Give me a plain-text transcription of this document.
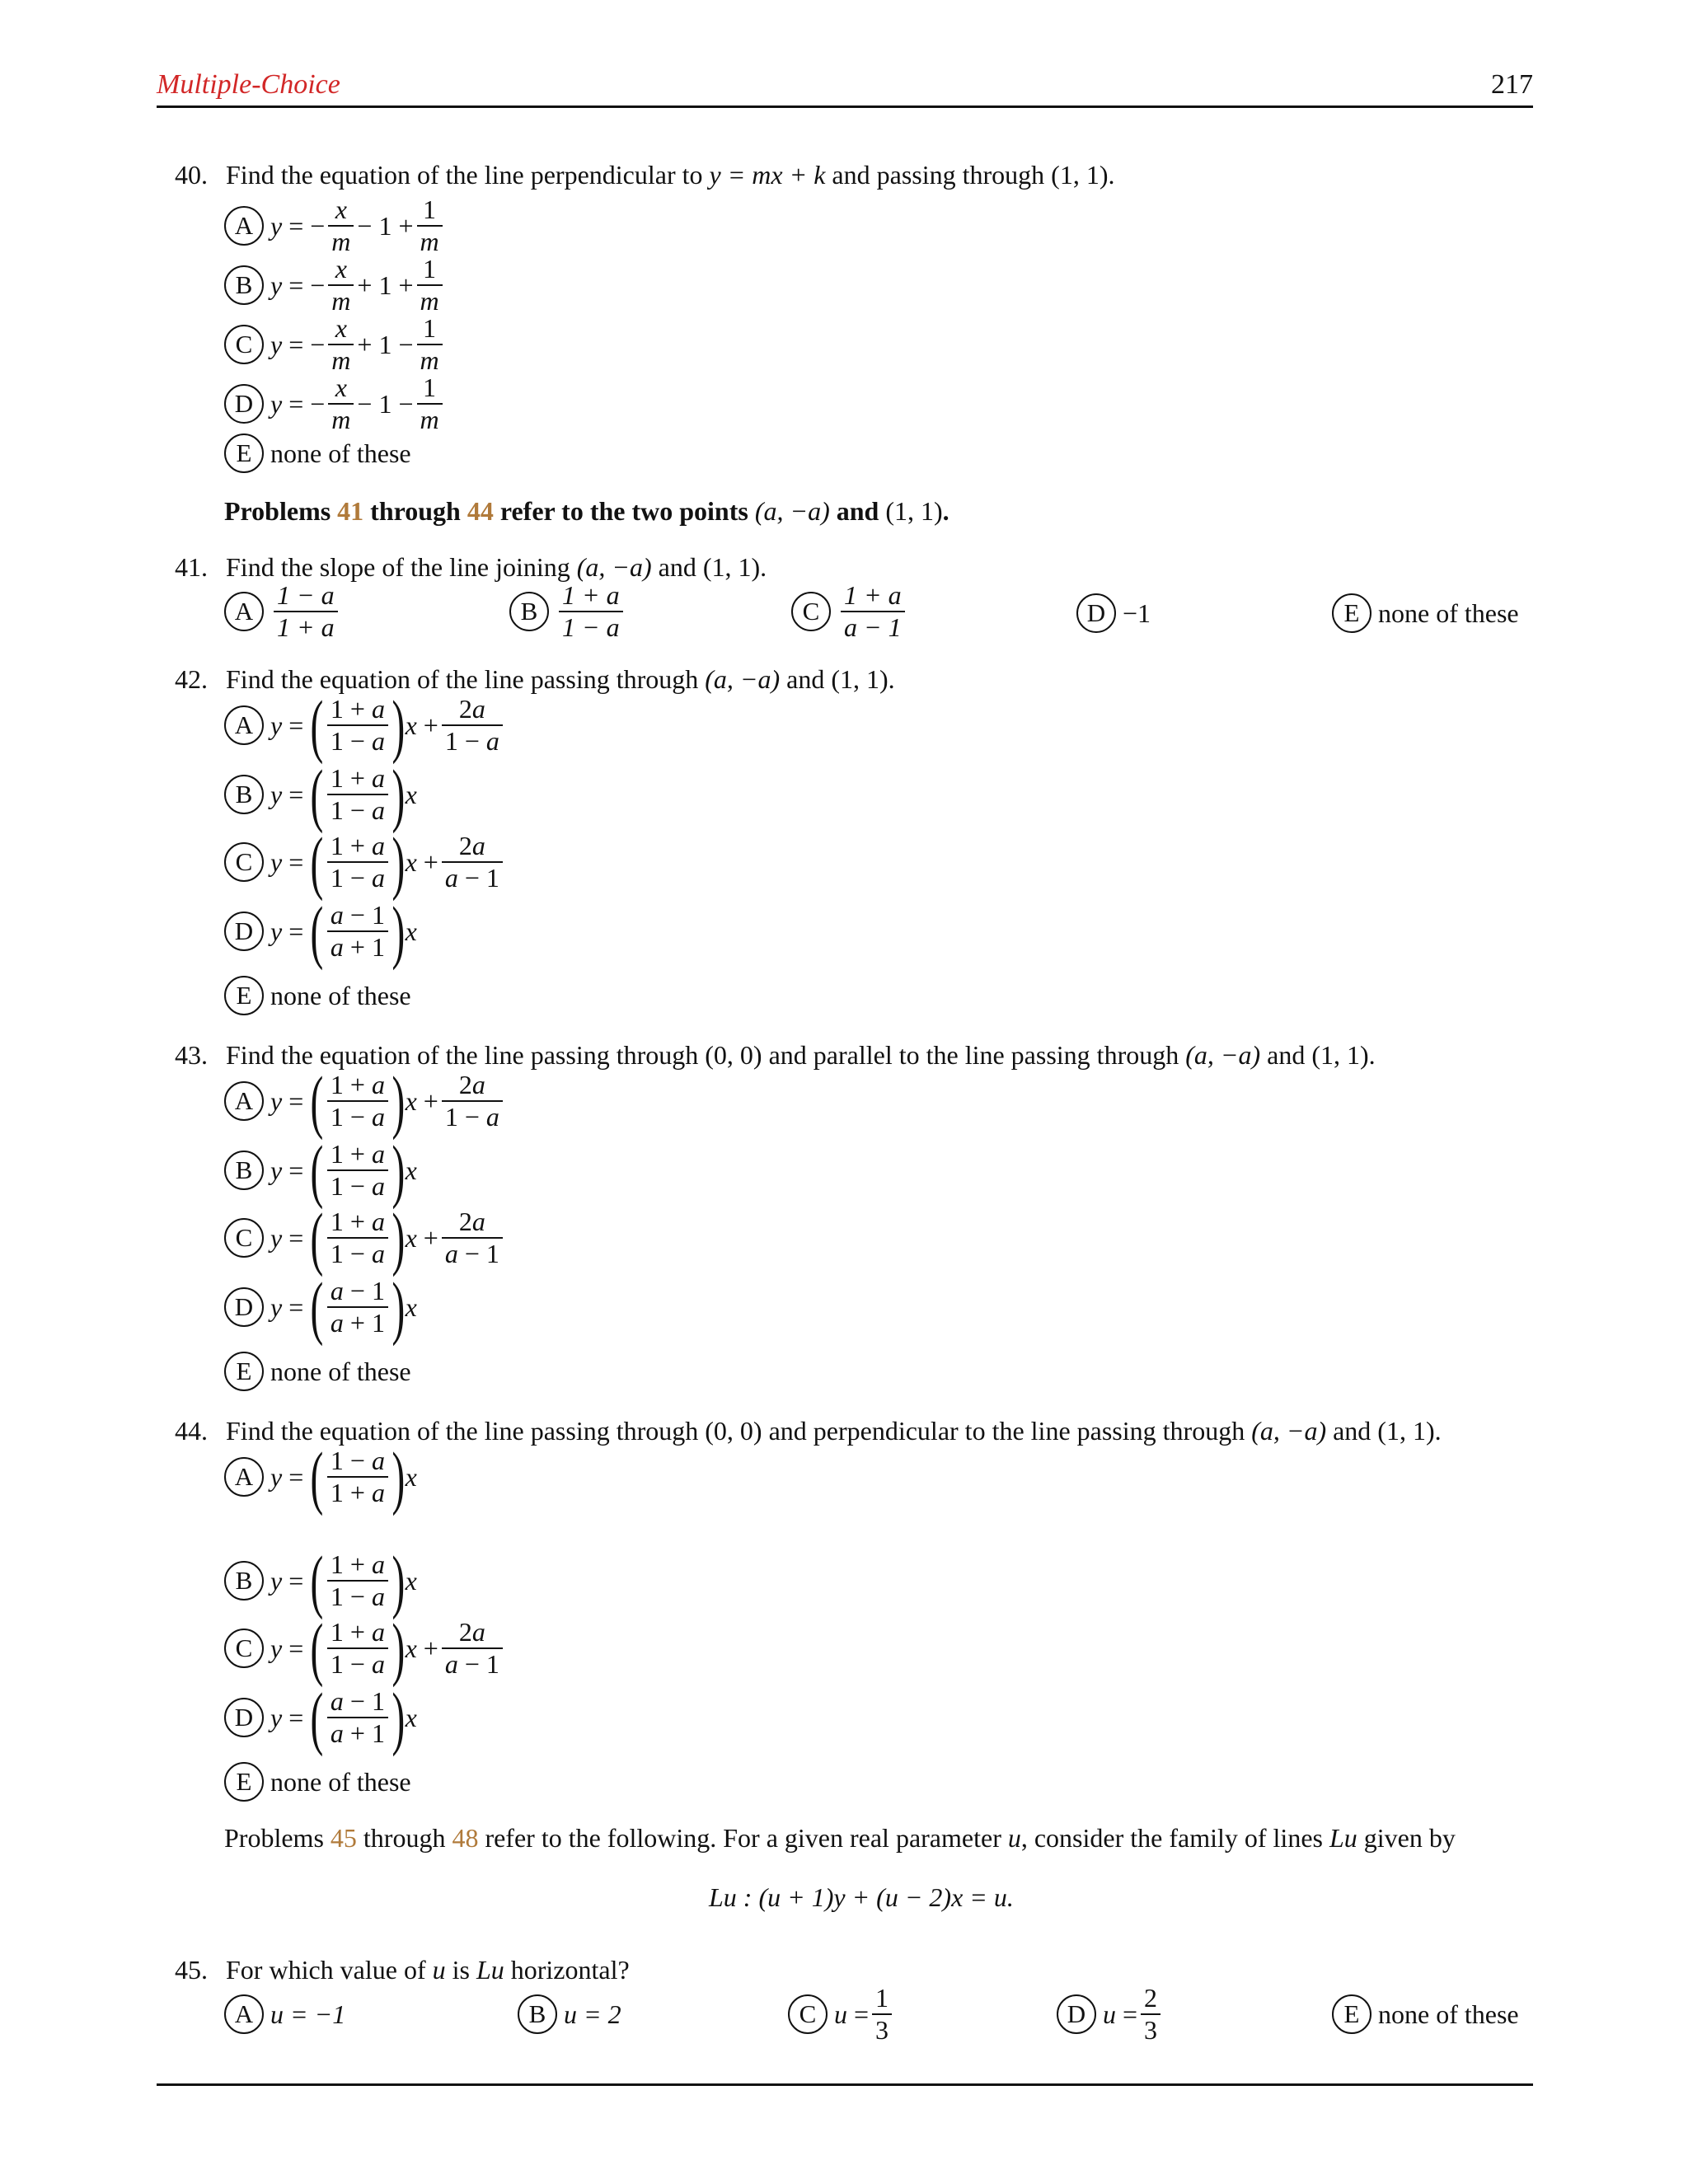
Multiple-Choice	217
40. Find the equation of the line perpendicular to y = mx + k and passing through (1, 1).
A y = − $\frac{x}{m} - 1 + \frac{1}{m}$
B y = − $\frac{x}{m} + 1 + \frac{1}{m}$
C y = − $\frac{x}{m} + 1 - \frac{1}{m}$
D y = − $\frac{x}{m} - 1 - \frac{1}{m}$
E none of these
Problems 41 through 44 refer to the two points (a, −a) and (1, 1).
41. Find the slope of the line joining (a, −a) and (1, 1).
A $\frac{1 - a}{1 + a}$	B $\frac{1 + a}{1 - a}$	C $\frac{1 + a}{a - 1}$	D −1	E none of these
42. Find the equation of the line passing through (a, −a) and (1, 1).
A y = ( $\frac{1 + a}{1 - a}$ ) $x + \frac{2a}{1 - a}$
B y = ( $\frac{1 + a}{1 - a}$ ) x
C y = ( $\frac{1 + a}{1 - a}$ ) $x + \frac{2a}{a - 1}$
D y = ( $\frac{a - 1}{a + 1}$ ) x
E none of these
43. Find the equation of the line passing through (0, 0) and parallel to the line passing through (a, −a) and (1, 1).
A y = ( $\frac{1 + a}{1 - a}$ ) $x + \frac{2a}{1 - a}$
B y = ( $\frac{1 + a}{1 - a}$ ) x
C y = ( $\frac{1 + a}{1 - a}$ ) $x + \frac{2a}{a - 1}$
D y = ( $\frac{a - 1}{a + 1}$ ) x
E none of these
44. Find the equation of the line passing through (0, 0) and perpendicular to the line passing through (a, −a) and (1, 1).
A y = ( $\frac{1 - a}{1 + a}$ ) x
B y = ( $\frac{1 + a}{1 - a}$ ) x
C y = ( $\frac{1 + a}{1 - a}$ ) $x + \frac{2a}{a - 1}$
D y = ( $\frac{a - 1}{a + 1}$ ) x
E none of these
Problems 45 through 48 refer to the following. For a given real parameter u, consider the family of lines Lu given by
Lu : (u + 1)y + (u − 2)x = u.
45. For which value of u is Lu horizontal?
A u = −1	B u = 2	C $u = \frac{1}{3}$	D $u = \frac{2}{3}$	E none of these
